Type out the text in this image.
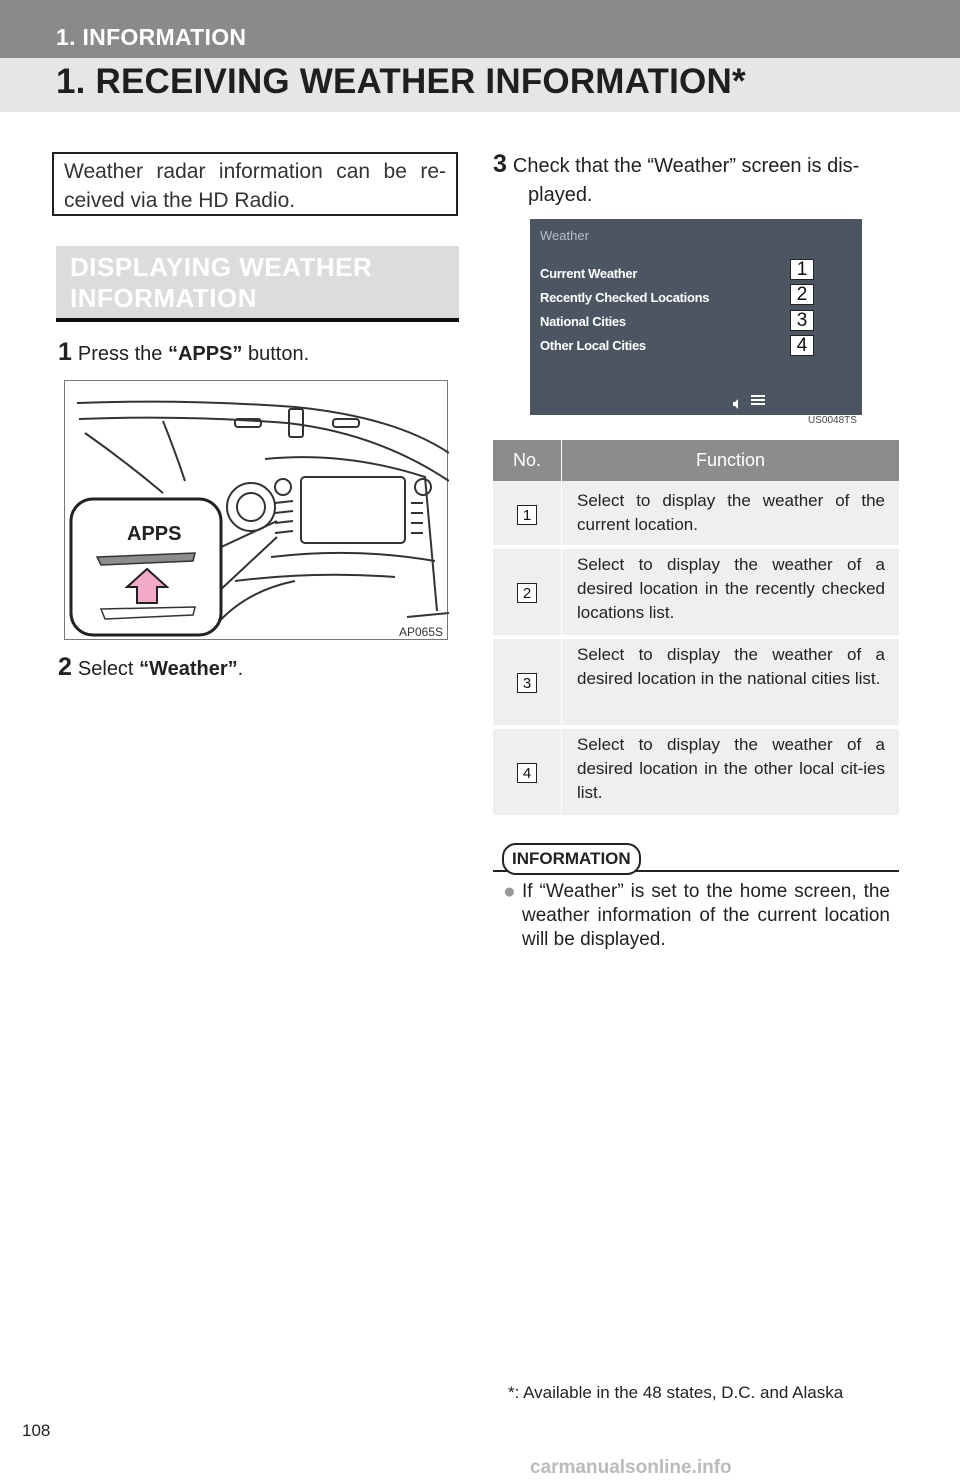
1. INFORMATION
1. RECEIVING WEATHER INFORMATION*
Weather radar information can be re-ceived via the HD Radio.
DISPLAYING WEATHER INFORMATION
1 Press the “APPS” button.
APPS
AP065S
2 Select “Weather”.
3 Check that the “Weather” screen is dis-
played.
Weather
Current Weather
Recently Checked Locations
National Cities
Other Local Cities
1
2
3
4
US0048TS
No.	Function
1
Select to display the weather of the current location.
2
Select to display the weather of a desired location in the recently checked locations list.
3
Select to display the weather of a desired location in the national cities list.
4
Select to display the weather of a desired location in the other local cit-ies list.
INFORMATION
● If “Weather” is set to the home screen, the weather information of the current location will be displayed.
*: Available in the 48 states, D.C. and Alaska
108
carmanualsonline.info
